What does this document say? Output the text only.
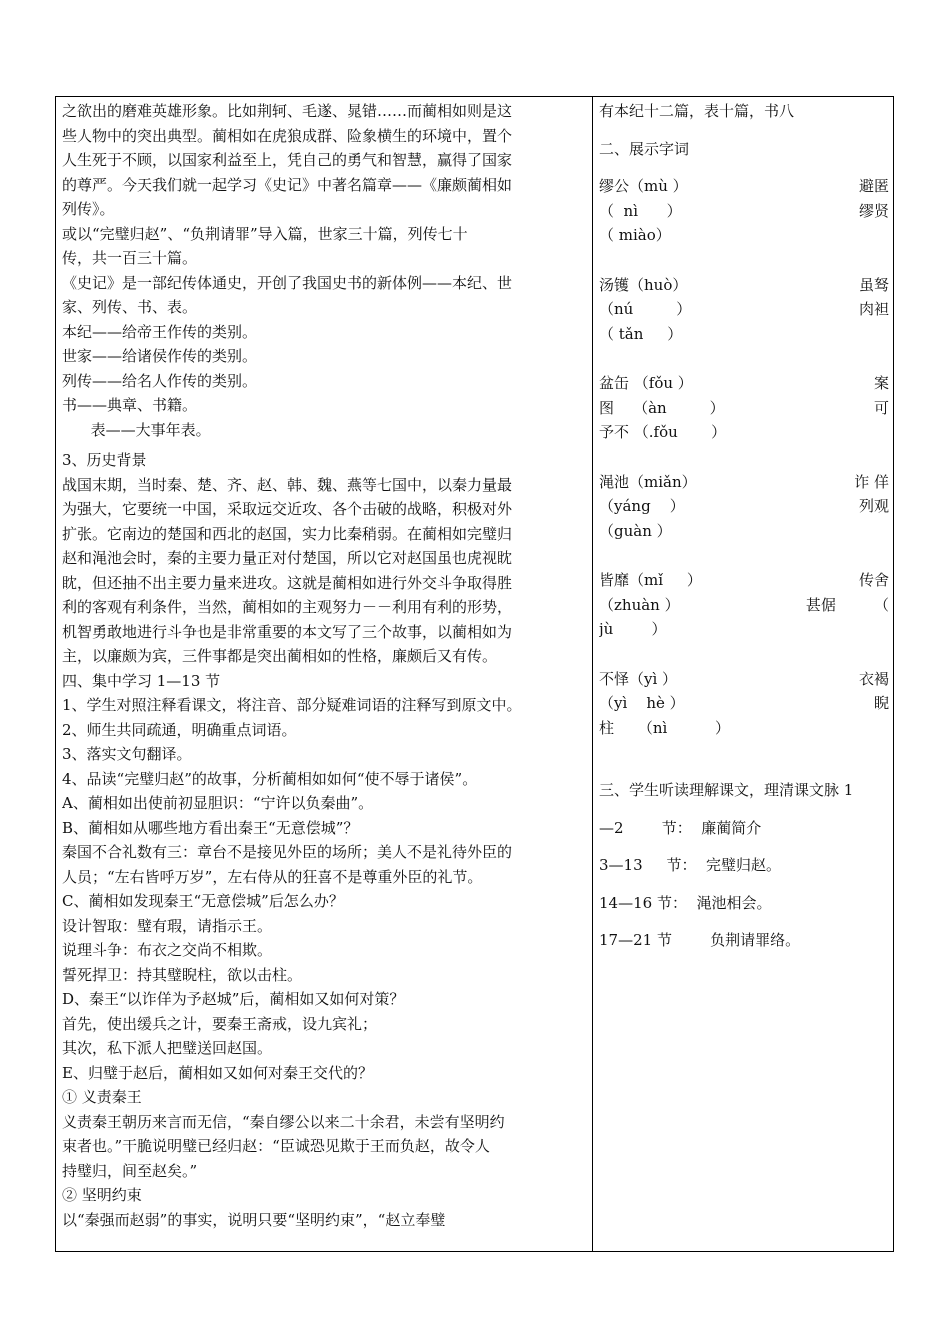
之欲出的磨难英雄形象。比如荆轲、毛遂、晁错……而蔺相如则是这
些人物中的突出典型。蔺相如在虎狼成群、险象横生的环境中，置个
人生死于不顾，以国家利益至上，凭自己的勇气和智慧，赢得了国家
的尊严。今天我们就一起学习《史记》中著名篇章——《廉颇蔺相如
列传》。
或以“完璧归赵”、“负荆请罪”导入篇，世家三十篇，列传七十
传，共一百三十篇。
《史记》是一部纪传体通史，开创了我国史书的新体例——本纪、世
家、列传、书、表。
本纪——给帝王作传的类别。
世家——给诸侯作传的类别。
列传——给名人作传的类别。
书——典章、书籍。
表——大事年表。
3、历史背景
战国末期，当时秦、楚、齐、赵、韩、魏、燕等七国中，以秦力量最
为强大，它要统一中国，采取远交近攻、各个击破的战略，积极对外
扩张。它南边的楚国和西北的赵国，实力比秦稍弱。在蔺相如完璧归
赵和渑池会时，秦的主要力量正对付楚国，所以它对赵国虽也虎视眈
眈，但还抽不出主要力量来进攻。这就是蔺相如进行外交斗争取得胜
利的客观有利条件，当然，蔺相如的主观努力－－利用有利的形势，
机智勇敢地进行斗争也是非常重要的本文写了三个故事，以蔺相如为
主，以廉颇为宾，三件事都是突出蔺相如的性格，廉颇后又有传。
四、集中学习 1—13 节
1、学生对照注释看课文，将注音、部分疑难词语的注释写到原文中。
2、师生共同疏通，明确重点词语。
3、落实文句翻译。
4、品读“完璧归赵”的故事，分析蔺相如如何“使不辱于诸侯”。
A、蔺相如出使前初显胆识：“宁许以负秦曲”。
B、蔺相如从哪些地方看出秦王“无意偿城”？
秦国不合礼数有三：章台不是接见外臣的场所；美人不是礼待外臣的
人员；“左右皆呼万岁”，左右侍从的狂喜不是尊重外臣的礼节。
C、蔺相如发现秦王“无意偿城”后怎么办？
设计智取：璧有瑕，请指示王。
说理斗争：布衣之交尚不相欺。
誓死捍卫：持其璧睨柱，欲以击柱。
D、秦王“以诈佯为予赵城”后，蔺相如又如何对策？
首先，使出缓兵之计，要秦王斋戒，设九宾礼；
其次，私下派人把璧送回赵国。
E、归璧于赵后，蔺相如又如何对秦王交代的？
① 义责秦王
义责秦王朝历来言而无信，“秦自缪公以来二十余君，未尝有坚明约
束者也。”干脆说明璧已经归赵：“臣诚恐见欺于王而负赵，故令人
持璧归，间至赵矣。”
② 坚明约束
以“秦强而赵弱”的事实，说明只要“坚明约束”，“赵立奉璧
有本纪十二篇，表十篇，书八
二、展示字词
缪公（mù ）	避匿
（  nì      ）	缪贤
（ miào）
汤镬（huò）	虽驽
（nú         ）	肉袒
（ tǎn     ）
盆缶 （fǒu ）	案
图    （àn         ）	可
予不 （.fǒu       ）
渑池（miǎn）	诈 佯
（yáng    ）	列观
（guàn ）
皆靡（mǐ     ）	传舍
（zhuàn ）	甚倨        （
jù        ）
不怿（yì ）	衣褐
（yì    hè ）	睨
柱     （nì          ）
三、学生听读理解课文，理清课文脉 1
—2        节：  廉蔺简介
3—13     节：  完璧归赵。
14—16 节：  渑池相会。
17—21 节        负荆请罪络。
